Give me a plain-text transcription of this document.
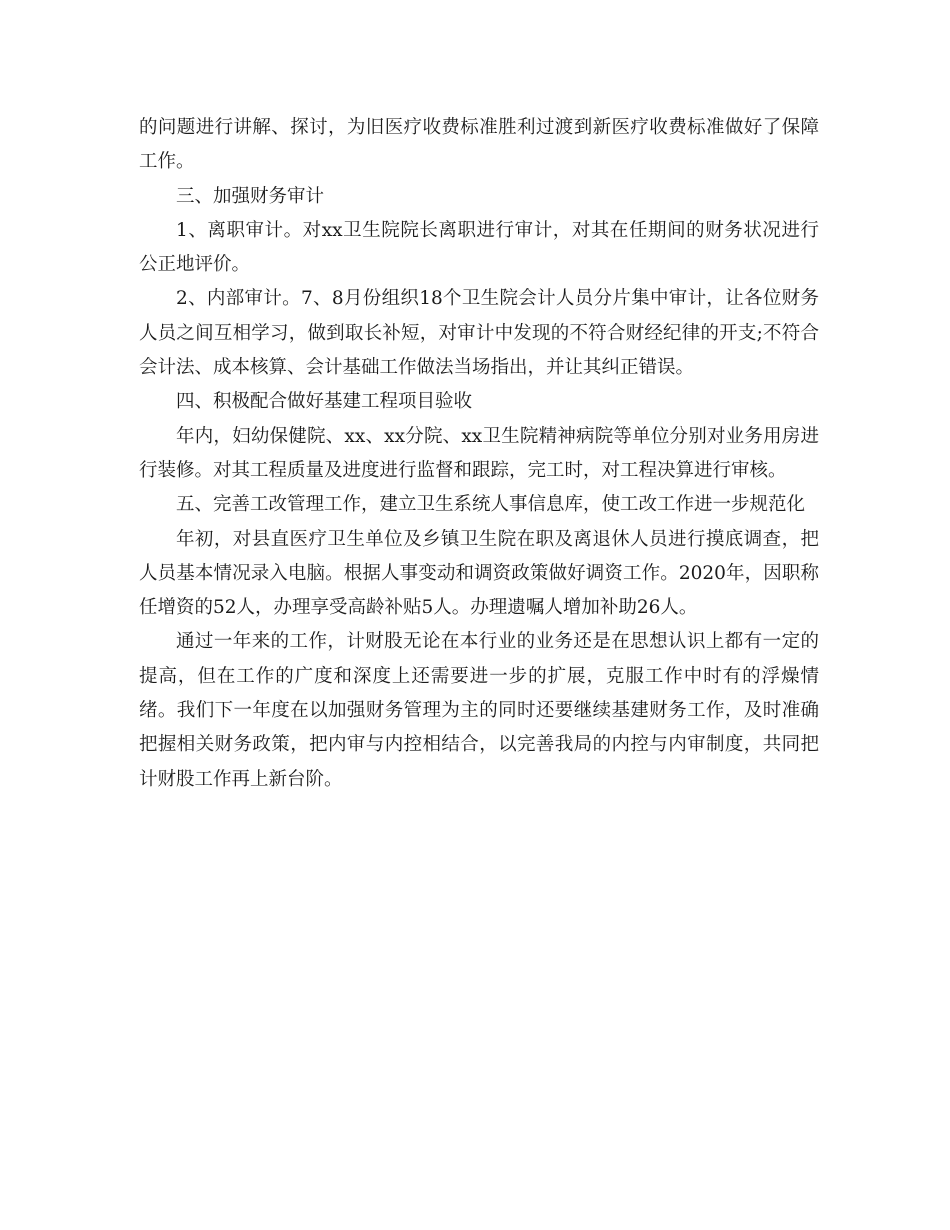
的问题进行讲解、探讨，为旧医疗收费标准胜利过渡到新医疗收费标准做好了保障工作。

三、加强财务审计

1、离职审计。对xx卫生院院长离职进行审计，对其在任期间的财务状况进行公正地评价。

2、内部审计。7、8月份组织18个卫生院会计人员分片集中审计，让各位财务人员之间互相学习，做到取长补短，对审计中发现的不符合财经纪律的开支;不符合会计法、成本核算、会计基础工作做法当场指出，并让其纠正错误。

四、积极配合做好基建工程项目验收

年内，妇幼保健院、xx、xx分院、xx卫生院精神病院等单位分别对业务用房进行装修。对其工程质量及进度进行监督和跟踪，完工时，对工程决算进行审核。

五、完善工改管理工作，建立卫生系统人事信息库，使工改工作进一步规范化

年初，对县直医疗卫生单位及乡镇卫生院在职及离退休人员进行摸底调查，把人员基本情况录入电脑。根据人事变动和调资政策做好调资工作。2020年，因职称 任增资的52人，办理享受高龄补贴5人。办理遗嘱人增加补助26人。

通过一年来的工作，计财股无论在本行业的业务还是在思想认识上都有一定的提高，但在工作的广度和深度上还需要进一步的扩展，克服工作中时有的浮燥情绪。我们下一年度在以加强财务管理为主的同时还要继续基建财务工作，及时准确把握相关财务政策，把内审与内控相结合，以完善我局的内控与内审制度，共同把计财股工作再上新台阶。
